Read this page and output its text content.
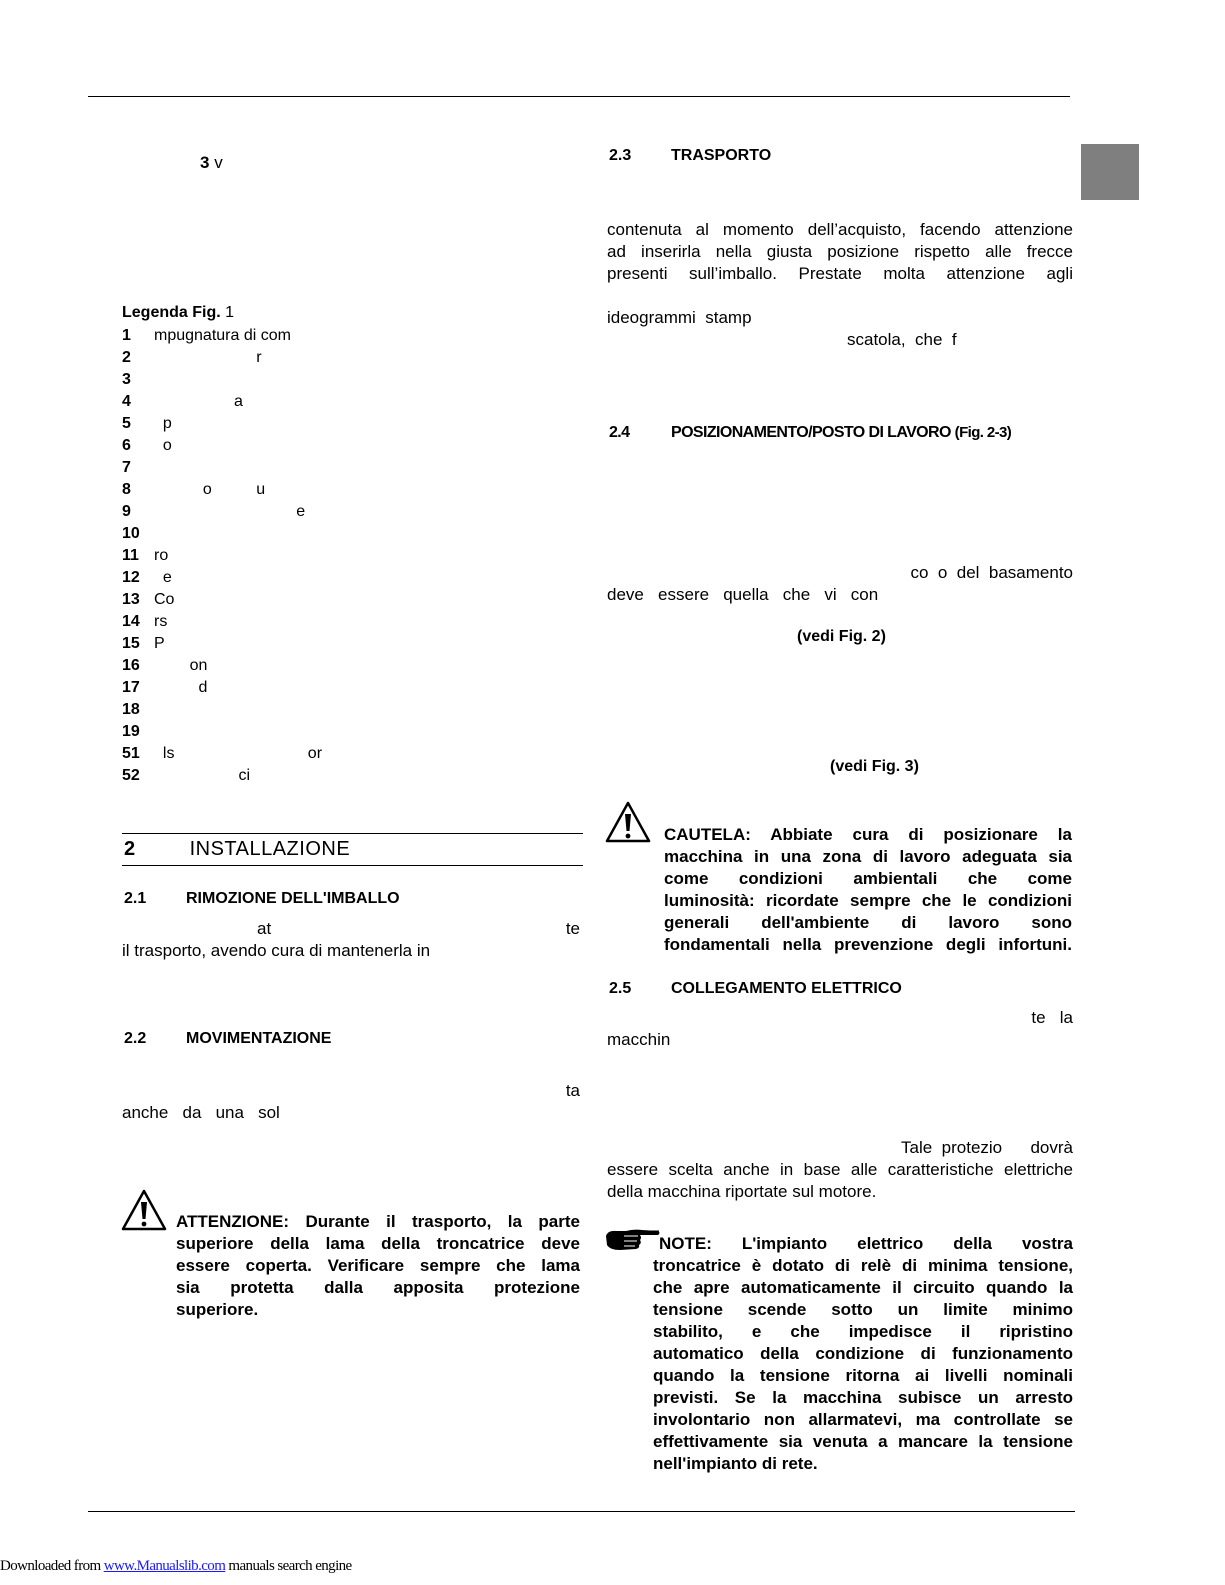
3 v
Legenda Fig. 1
1 mpugnatura di com
2 r
3
4 a
5 p
6 o
7
8 o          u
9 e
10
11 ro
12 e
13 Co
14 rs
15 P
16 on
17 d
18
19
51 ls                              or
52 ci
2	INSTALLAZIONE
2.1 RIMOZIONE DELL'IMBALLO
at	te
il trasporto, avendo cura di mantenerla in
2.2 MOVIMENTAZIONE
ta
anche   da   una   sol
ATTENZIONE: Durante il trasporto, la parte
superiore della lama della troncatrice deve
essere coperta. Verificare sempre che lama
sia protetta dalla apposita protezione
superiore.
2.3 TRASPORTO
contenuta al momento dell’acquisto, facendo attenzione
ad inserirla nella giusta posizione rispetto alle frecce
presenti sull’imballo. Prestate molta attenzione agli

ideogrammi  stamp

scatola,  che  f

2.4	POSIZIONAMENTO/POSTO DI LAVORO (Fig. 2-3)
co  o  del  basamento
deve   essere   quella   che   vi   con
(vedi Fig. 2)
(vedi Fig. 3)
CAUTELA: Abbiate cura di posizionare la
macchina in una zona di lavoro adeguata sia
come condizioni ambientali che come
luminosità: ricordate sempre che le condizioni
generali dell'ambiente di lavoro sono
fondamentali nella prevenzione degli infortuni.
2.5 COLLEGAMENTO ELETTRICO
te   la
macchin
Tale  protezio      dovrà
essere scelta anche in base alle caratteristiche elettriche
della macchina riportate sul motore.
NOTE: L'impianto elettrico della vostra
troncatrice è dotato di relè di minima tensione,
che apre automaticamente il circuito quando la
tensione scende sotto un limite minimo
stabilito, e che impedisce il ripristino
automatico della condizione di funzionamento
quando la tensione ritorna ai livelli nominali
previsti. Se la macchina subisce un arresto
involontario non allarmatevi, ma controllate se
effettivamente sia venuta a mancare la tensione
nell'impianto di rete.
Downloaded from www.Manualslib.com manuals search engine
